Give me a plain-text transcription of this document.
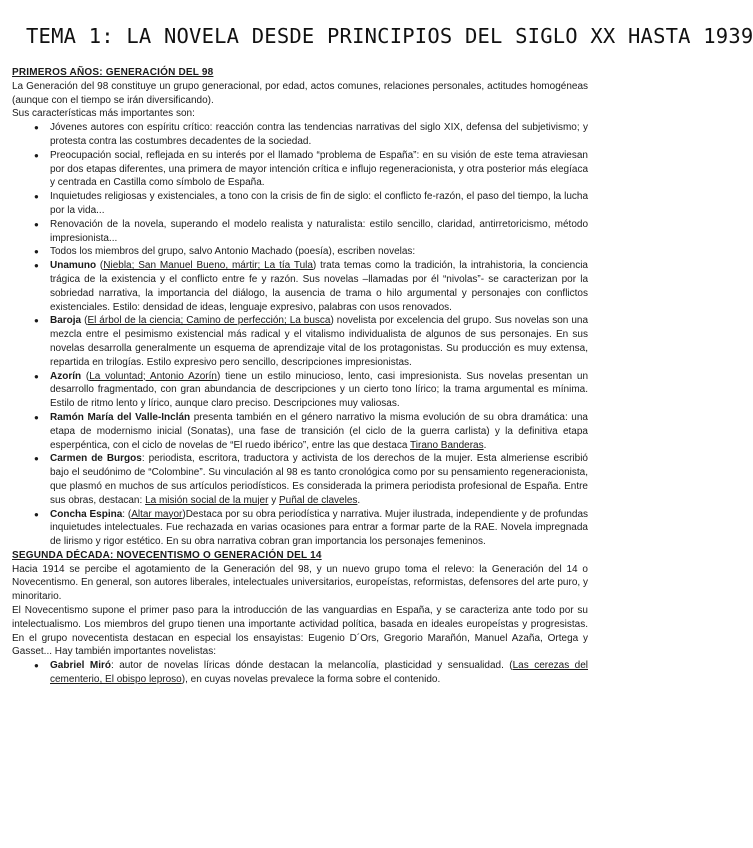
TEMA 1: LA NOVELA DESDE PRINCIPIOS DEL SIGLO XX HASTA 1939

PRIMEROS AÑOS: GENERACIÓN DEL 98

La Generación del 98 constituye un grupo generacional, por edad, actos comunes, relaciones personales, actitudes homogéneas (aunque con el tiempo se irán diversificando).

Sus características más importantes son:

● Jóvenes autores con espíritu crítico: reacción contra las tendencias narrativas del siglo XIX, defensa del subjetivismo; y protesta contra las costumbres decadentes de la sociedad.
● Preocupación social, reflejada en su interés por el llamado “problema de España”: en su visión de este tema atraviesan por dos etapas diferentes, una primera de mayor intención crítica e influjo regeneracionista, y otra posterior más elegíaca y centrada en Castilla como símbolo de España.
● Inquietudes religiosas y existenciales, a tono con la crisis de fin de siglo: el conflicto fe-razón, el paso del tiempo, la lucha por la vida...
● Renovación de la novela, superando el modelo realista y naturalista: estilo sencillo, claridad, antirretoricismo, método impresionista...
● Todos los miembros del grupo, salvo Antonio Machado (poesía), escriben novelas:
● Unamuno (Niebla; San Manuel Bueno, mártir; La tía Tula) trata temas como la tradición, la intrahistoria, la conciencia trágica de la existencia y el conflicto entre fe y razón. Sus novelas –llamadas por él “nivolas”- se caracterizan por la sobriedad narrativa, la importancia del diálogo, la ausencia de trama o hilo argumental y personajes con conflictos existenciales. Estilo: densidad de ideas, lenguaje expresivo, palabras con usos renovados.
● Baroja (El árbol de la ciencia; Camino de perfección; La busca) novelista por excelencia del grupo. Sus novelas son una mezcla entre el pesimismo existencial más radical y el vitalismo individualista de algunos de sus personajes. En sus novelas desarrolla generalmente un esquema de aprendizaje vital de los protagonistas. Su producción es muy extensa, repartida en trilogías. Estilo expresivo pero sencillo, descripciones impresionistas.
● Azorín (La voluntad; Antonio Azorín) tiene un estilo minucioso, lento, casi impresionista. Sus novelas presentan un desarrollo fragmentado, con gran abundancia de descripciones y un cierto tono lírico; la trama argumental es mínima. Estilo de ritmo lento y lírico, aunque claro preciso. Descripciones muy valiosas.
● Ramón María del Valle-Inclán presenta también en el género narrativo la misma evolución de su obra dramática: una etapa de modernismo inicial (Sonatas), una fase de transición (el ciclo de la guerra carlista) y la definitiva etapa esperpéntica, con el ciclo de novelas de “El ruedo ibérico”, entre las que destaca Tirano Banderas.
● Carmen de Burgos: periodista, escritora, traductora y activista de los derechos de la mujer. Esta almeriense escribió bajo el seudónimo de “Colombine”. Su vinculación al 98 es tanto cronológica como por su pensamiento regeneracionista, que plasmó en muchos de sus artículos periodísticos. Es considerada la primera periodista profesional de España. Entre sus obras, destacan: La misión social de la mujer y Puñal de claveles.
● Concha Espina: (Altar mayor)Destaca por su obra periodística y narrativa. Mujer ilustrada, independiente y de profundas inquietudes intelectuales. Fue rechazada en varias ocasiones para entrar a formar parte de la RAE. Novela impregnada de lirismo y rigor estético. En su obra narrativa cobran gran importancia los personajes femeninos.

SEGUNDA DÉCADA: NOVECENTISMO O GENERACIÓN DEL 14

Hacia 1914 se percibe el agotamiento de la Generación del 98, y un nuevo grupo toma el relevo: la Generación del 14 o Novecentismo. En general, son autores liberales, intelectuales universitarios, europeístas, reformistas, defensores del arte puro, y minoritario.

El Novecentismo supone el primer paso para la introducción de las vanguardias en España, y se caracteriza ante todo por su intelectualismo. Los miembros del grupo tienen una importante actividad política, basada en ideales europeístas y progresistas. En el grupo novecentista destacan en especial los ensayistas: Eugenio D´Ors, Gregorio Marañón, Manuel Azaña, Ortega y Gasset... Hay también importantes novelistas:

● Gabriel Miró: autor de novelas líricas dónde destacan la melancolía, plasticidad y sensualidad. (Las cerezas del cementerio, El obispo leproso), en cuyas novelas prevalece la forma sobre el contenido.
